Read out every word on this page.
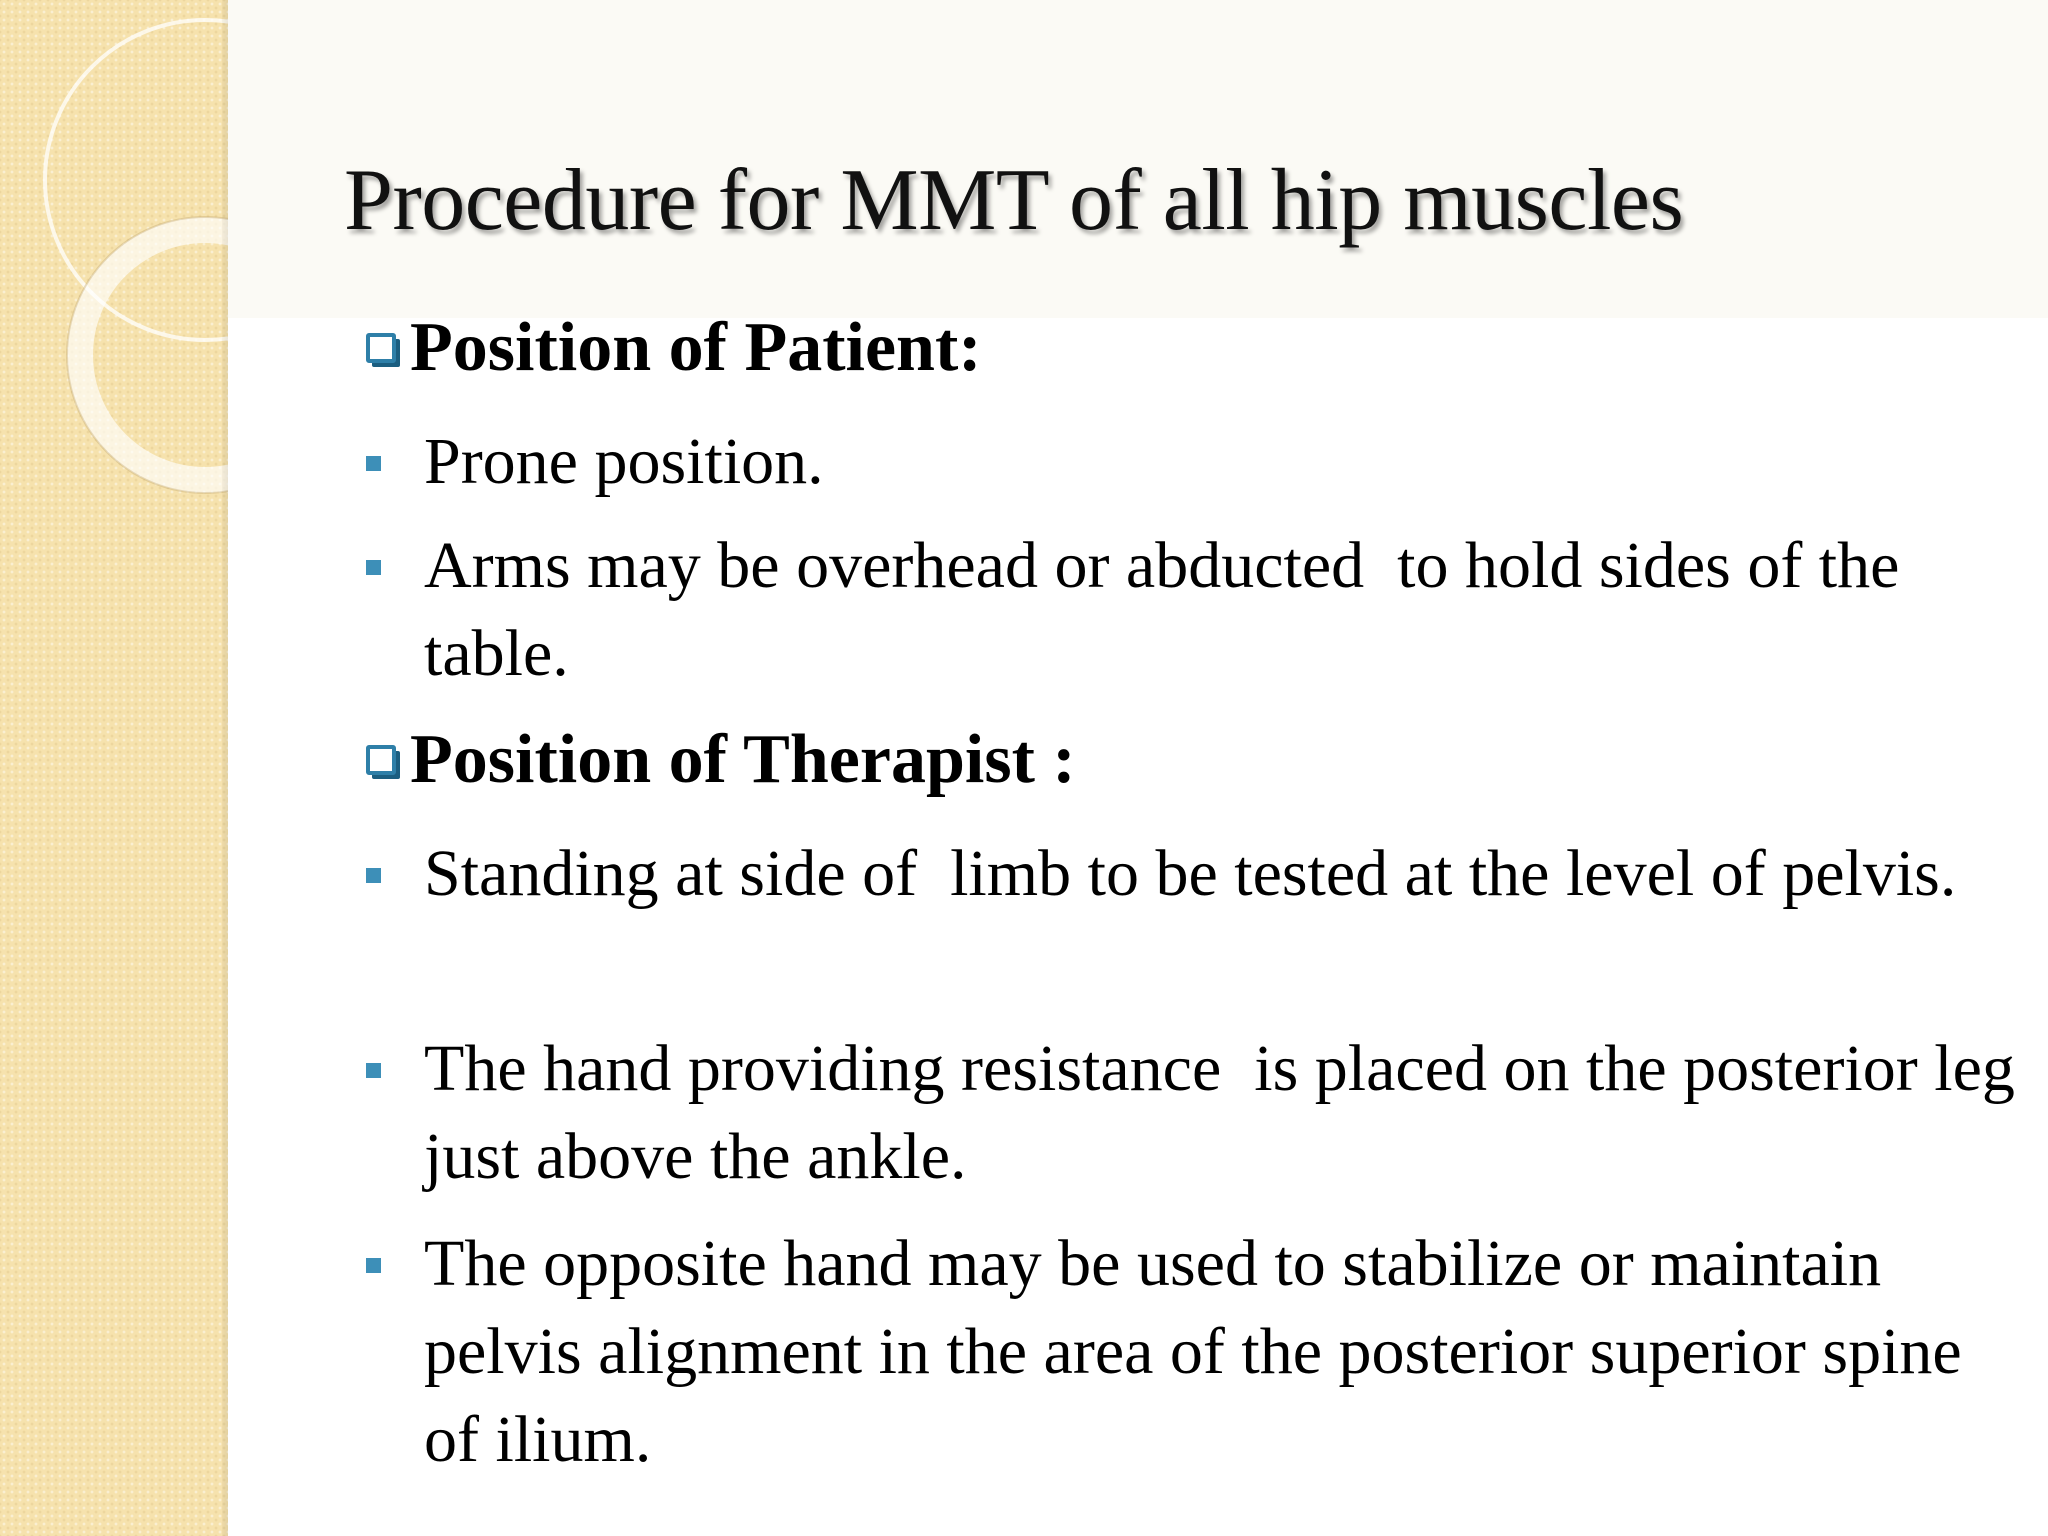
Procedure for MMT of all hip muscles
Position of Patient:
Prone position.
Arms may be overhead or abducted  to hold sides of the table.
Position of Therapist :
Standing at side of  limb to be tested at the level of pelvis.
The hand providing resistance  is placed on the posterior leg just above the ankle.
The opposite hand may be used to stabilize or maintain pelvis alignment in the area of the posterior superior spine of ilium.
